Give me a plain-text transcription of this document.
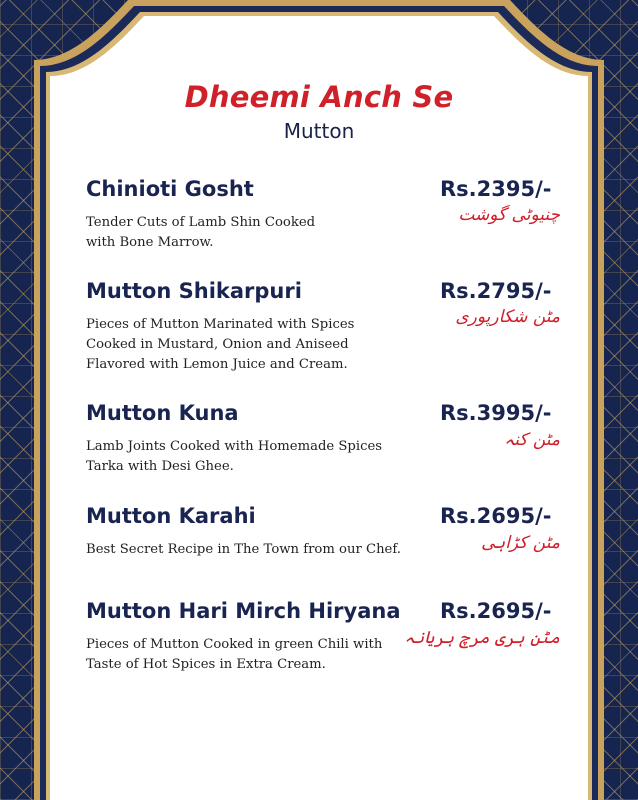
Dheemi Anch Se
Mutton
Chinioti Gosht
Tender Cuts of Lamb Shin Cooked
with Bone Marrow.
Rs.2395/-
چنیوٹی گوشت
Mutton Shikarpuri
Pieces of Mutton Marinated with Spices
Cooked in Mustard, Onion and Aniseed
Flavored with Lemon Juice and Cream.
Rs.2795/-
مٹن شکارپوری
Mutton Kuna
Lamb Joints Cooked with Homemade Spices
Tarka with Desi Ghee.
Rs.3995/-
مٹن کنہ
Mutton Karahi
Best Secret Recipe in The Town from our Chef.
Rs.2695/-
مٹن کڑاہی
Mutton Hari Mirch Hiryana
Pieces of Mutton Cooked in green Chili with
Taste of Hot Spices in Extra Cream.
Rs.2695/-
مٹن ہری مرچ ہریانہ
